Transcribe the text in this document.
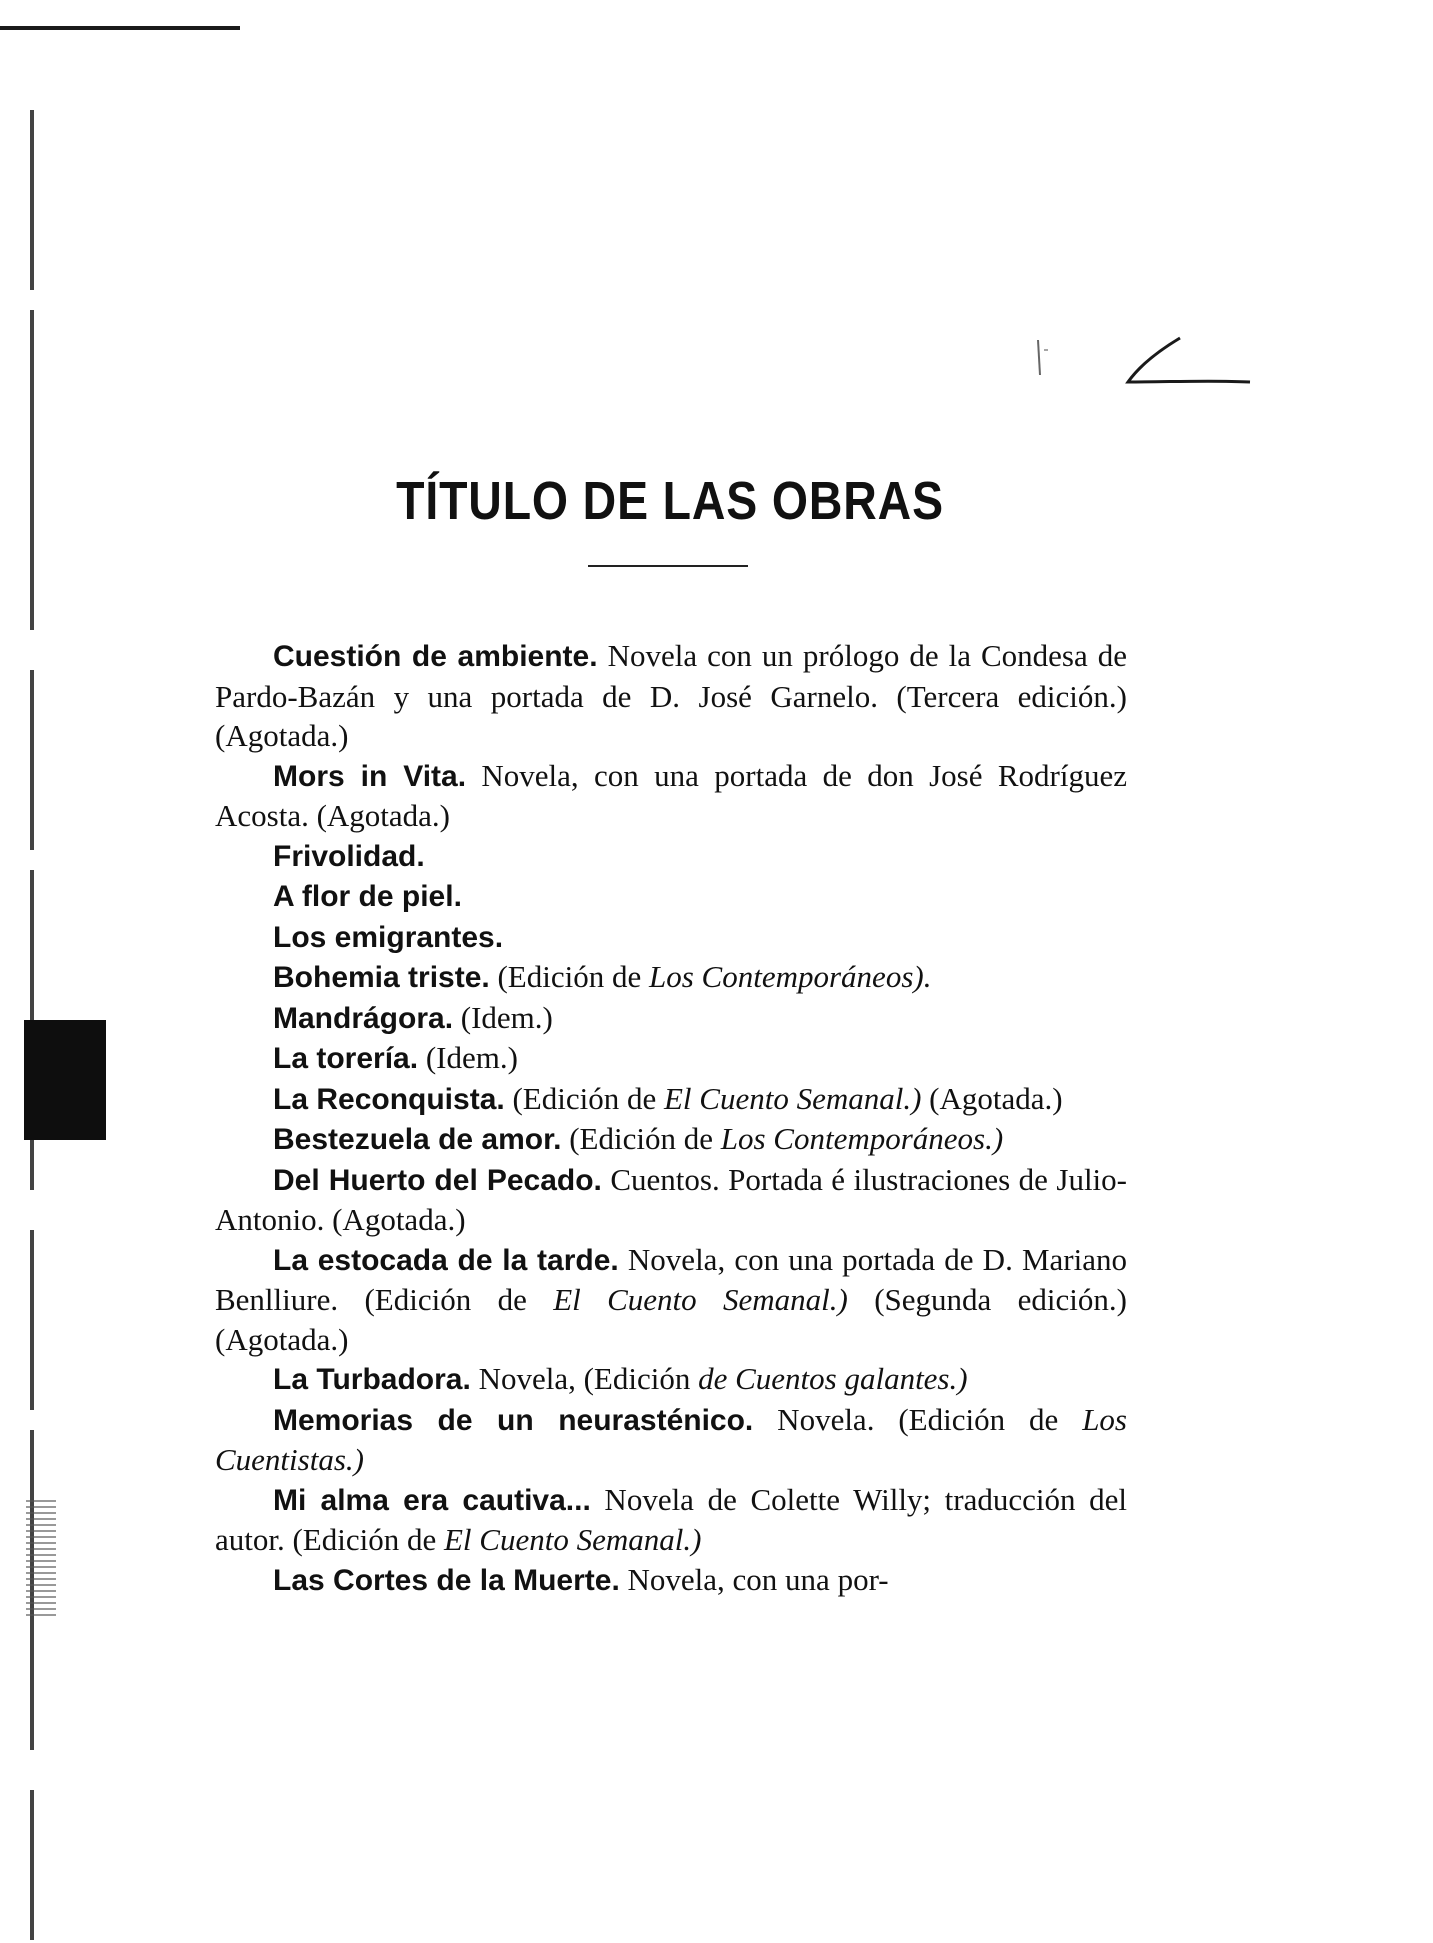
TÍTULO DE LAS OBRAS
Cuestión de ambiente. Novela con un prólogo de la Condesa de Pardo-Bazán y una portada de D. José Garnelo. (Tercera edición.) (Agotada.)
Mors in Vita. Novela, con una portada de don José Rodríguez Acosta. (Agotada.)
Frivolidad.
A flor de piel.
Los emigrantes.
Bohemia triste. (Edición de Los Contemporáneos).
Mandrágora. (Idem.)
La torería. (Idem.)
La Reconquista. (Edición de El Cuento Semanal.) (Agotada.)
Bestezuela de amor. (Edición de Los Contemporáneos.)
Del Huerto del Pecado. Cuentos. Portada é ilustraciones de Julio-Antonio. (Agotada.)
La estocada de la tarde. Novela, con una portada de D. Mariano Benlliure. (Edición de El Cuento Semanal.) (Segunda edición.) (Agotada.)
La Turbadora. Novela, (Edición de Cuentos galantes.)
Memorias de un neurasténico. Novela. (Edición de Los Cuentistas.)
Mi alma era cautiva... Novela de Colette Willy; traducción del autor. (Edición de El Cuento Semanal.)
Las Cortes de la Muerte. Novela, con una por-
